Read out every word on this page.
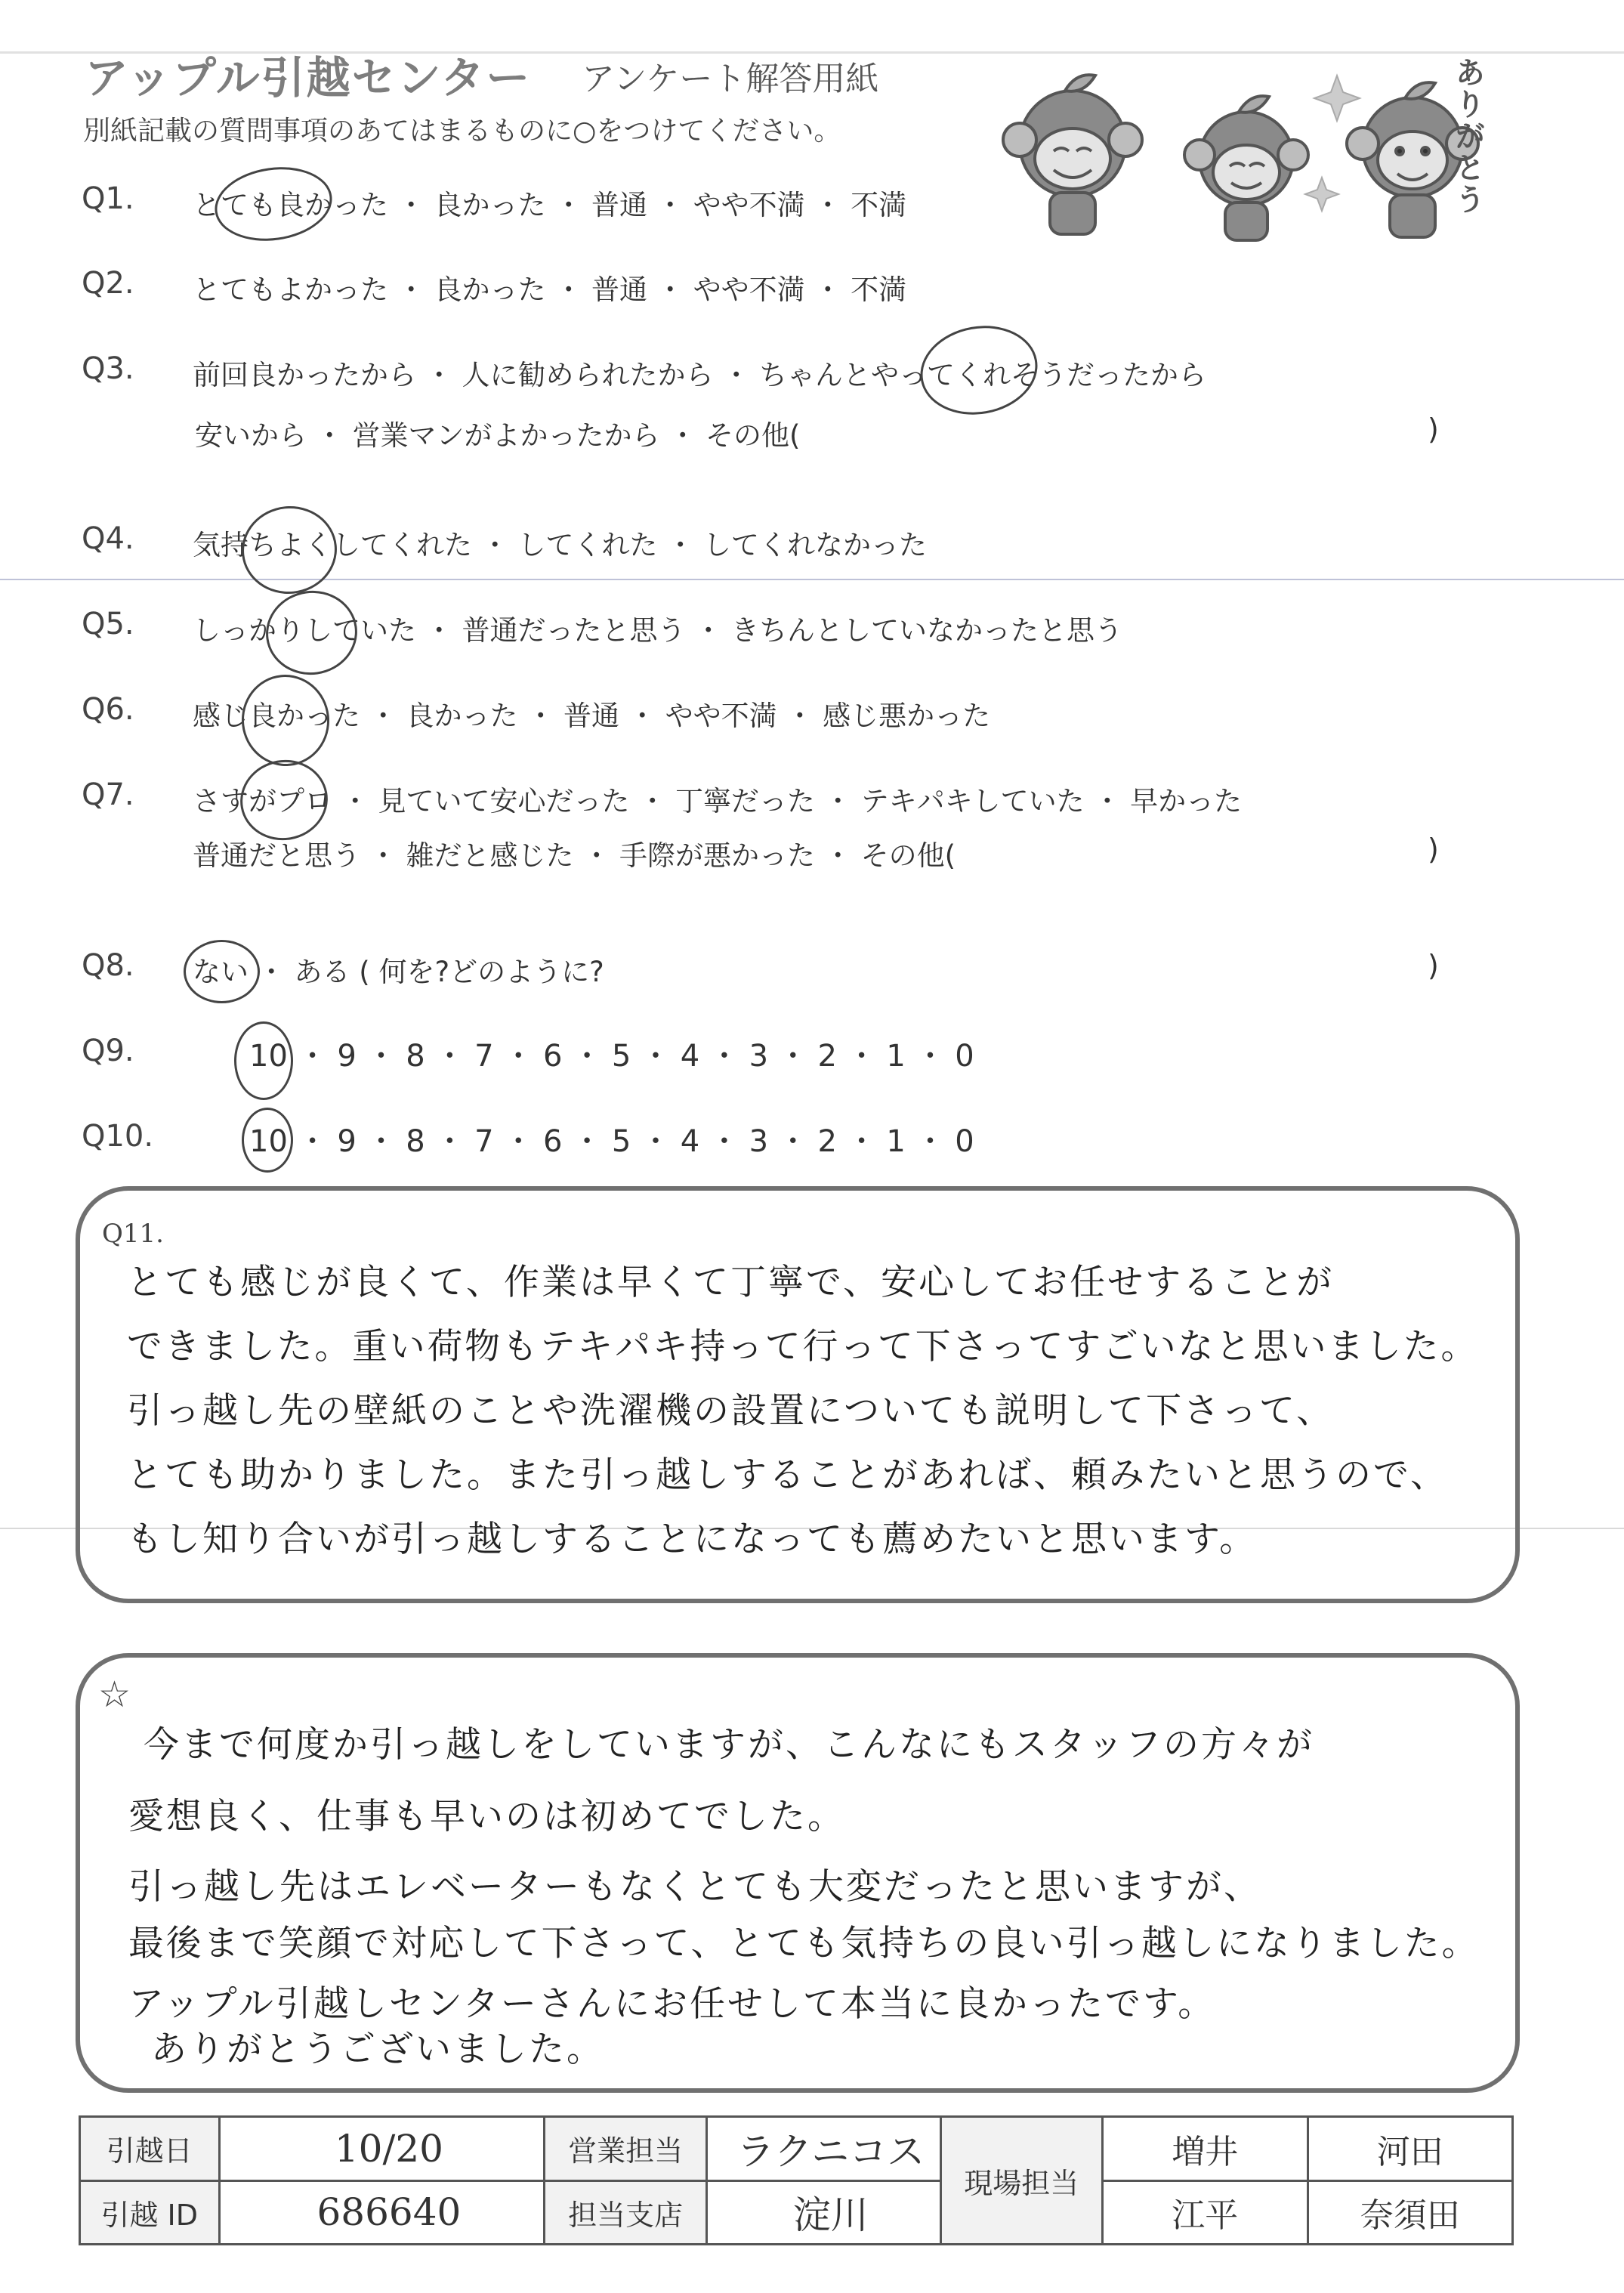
アップル引越センター アンケート解答用紙
別紙記載の質問事項のあてはまるものに○をつけてください。	ありがとう
Q1. とても良かった ・ 良かった ・ 普通 ・ やや不満 ・ 不満
Q2. とてもよかった ・ 良かった ・ 普通 ・ やや不満 ・ 不満
Q3. 前回良かったから ・ 人に勧められたから ・ ちゃんとやってくれそうだったから
安いから ・ 営業マンがよかったから ・ その他(	)
Q4. 気持ちよくしてくれた ・ してくれた ・ してくれなかった
Q5. しっかりしていた ・ 普通だったと思う ・ きちんとしていなかったと思う
Q6. 感じ良かった ・ 良かった ・ 普通 ・ やや不満 ・ 感じ悪かった
Q7. さすがプロ ・ 見ていて安心だった ・ 丁寧だった ・ テキパキしていた ・ 早かった
普通だと思う ・ 雑だと感じた ・ 手際が悪かった ・ その他(	)
Q8. ない ・ ある ( 何を?どのように?	)
Q9.	10 ・ 9 ・ 8 ・ 7 ・ 6 ・ 5 ・ 4 ・ 3 ・ 2 ・ 1 ・ 0
Q10.	10 ・ 9 ・ 8 ・ 7 ・ 6 ・ 5 ・ 4 ・ 3 ・ 2 ・ 1 ・ 0
Q11.
とても感じが良くて、作業は早くて丁寧で、安心してお任せすることが
できました。重い荷物もテキパキ持って行って下さってすごいなと思いました。
引っ越し先の壁紙のことや洗濯機の設置についても説明して下さって、
とても助かりました。また引っ越しすることがあれば、頼みたいと思うので、
もし知り合いが引っ越しすることになっても薦めたいと思います。
☆
今まで何度か引っ越しをしていますが、こんなにもスタッフの方々が
愛想良く、仕事も早いのは初めてでした。
引っ越し先はエレベーターもなくとても大変だったと思いますが、
最後まで笑顔で対応して下さって、とても気持ちの良い引っ越しになりました。
アップル引越しセンターさんにお任せして本当に良かったです。
ありがとうございました。
引越日	10/20	営業担当	ラクニコス	現場担当	増井	河田
引越 ID	686640	担当支店	淀川		江平	奈須田
